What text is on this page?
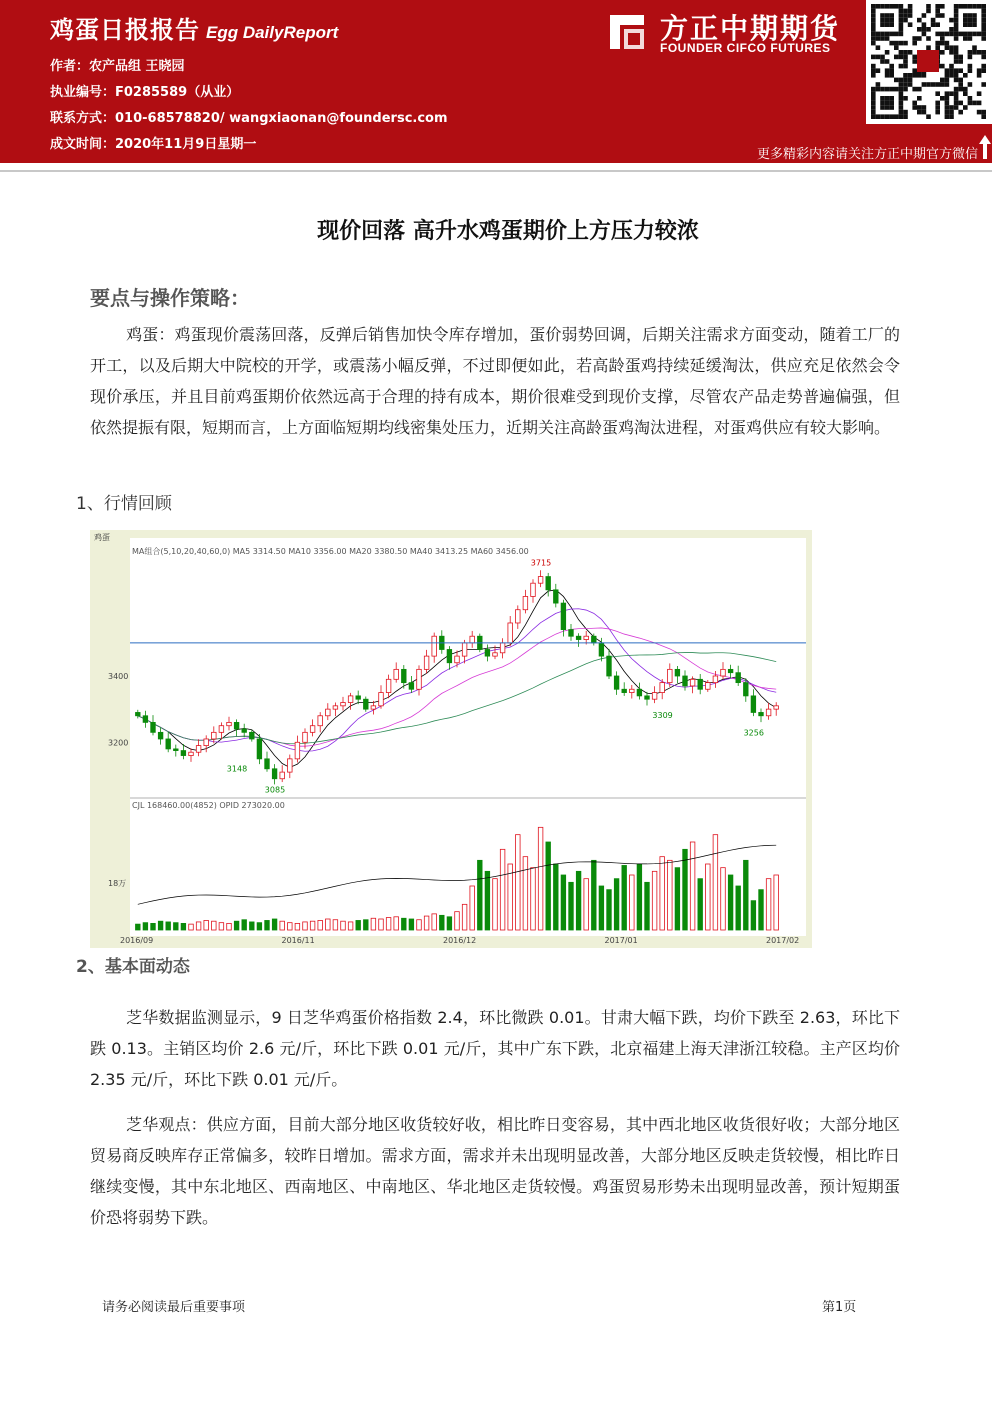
鸡蛋日报报告 Egg DailyReport
作者：农产品组 王晓园
执业编号：F0285589（从业）
联系方式：010-68578820/ wangxiaonan@foundersc.com
成文时间：2020年11月9日星期一
方正中期期货
FOUNDER CIFCO FUTURES
更多精彩内容请关注方正中期官方微信
现价回落 高升水鸡蛋期价上方压力较浓
要点与操作策略：
鸡蛋：鸡蛋现价震荡回落，反弹后销售加快令库存增加，蛋价弱势回调，后期关注需求方面变动，随着工厂的开工，以及后期大中院校的开学，或震荡小幅反弹，不过即便如此，若高龄蛋鸡持续延缓淘汰，供应充足依然会令现价承压，并且目前鸡蛋期价依然远高于合理的持有成本，期价很难受到现价支撑，尽管农产品走势普遍偏强，但依然提振有限，短期而言，上方面临短期均线密集处压力，近期关注高龄蛋鸡淘汰进程，对蛋鸡供应有较大影响。
1、行情回顾
鸡蛋
MA组合(5,10,20,40,60,0) MA5 3314.50 MA10 3356.00 MA20 3380.50 MA40 3413.25 MA60 3456.00
CJL 168460.00(4852) OPID 273020.00
3715
3148
3085
3309
3256
3200
3400
18万
2016/09	2016/11	2016/12	2017/01	2017/02
2、基本面动态
芝华数据监测显示，9 日芝华鸡蛋价格指数 2.4，环比微跌 0.01。甘肃大幅下跌，均价下跌至 2.63，环比下跌 0.13。主销区均价 2.6 元/斤，环比下跌 0.01 元/斤，其中广东下跌，北京福建上海天津浙江较稳。主产区均价 2.35 元/斤，环比下跌 0.01 元/斤。
芝华观点：供应方面，目前大部分地区收货较好收，相比昨日变容易，其中西北地区收货很好收；大部分地区贸易商反映库存正常偏多，较昨日增加。需求方面，需求并未出现明显改善，大部分地区反映走货较慢，相比昨日继续变慢，其中东北地区、西南地区、中南地区、华北地区走货较慢。鸡蛋贸易形势未出现明显改善，预计短期蛋价恐将弱势下跌。
请务必阅读最后重要事项	第1页
